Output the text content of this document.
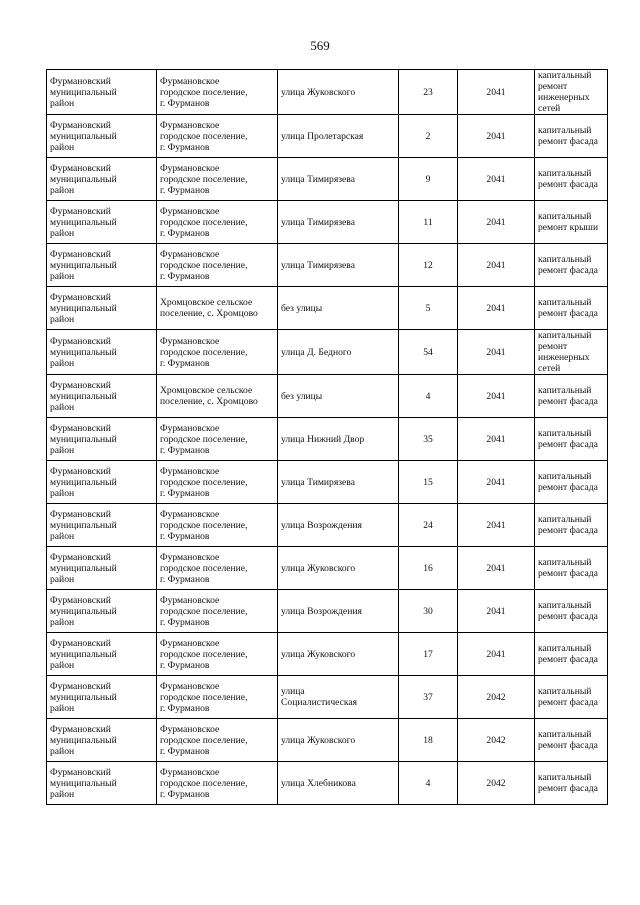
569
Фурмановский
муниципальный
район	Фурмановское
городское поселение,
г. Фурманов	улица Жуковского	23	2041	капитальный
ремонт
инженерных
сетей

Фурмановский
муниципальный
район	Фурмановское
городское поселение,
г. Фурманов	улица Пролетарская	2	2041	капитальный
ремонт фасада

Фурмановский
муниципальный
район	Фурмановское
городское поселение,
г. Фурманов	улица Тимирязева	9	2041	капитальный
ремонт фасада

Фурмановский
муниципальный
район	Фурмановское
городское поселение,
г. Фурманов	улица Тимирязева	11	2041	капитальный
ремонт крыши

Фурмановский
муниципальный
район	Фурмановское
городское поселение,
г. Фурманов	улица Тимирязева	12	2041	капитальный
ремонт фасада

Фурмановский
муниципальный
район	Хромцовское сельское
поселение, с. Хромцово	без улицы	5	2041	капитальный
ремонт фасада

Фурмановский
муниципальный
район	Фурмановское
городское поселение,
г. Фурманов	улица Д. Бедного	54	2041	капитальный
ремонт
инженерных
сетей

Фурмановский
муниципальный
район	Хромцовское сельское
поселение, с. Хромцово	без улицы	4	2041	капитальный
ремонт фасада

Фурмановский
муниципальный
район	Фурмановское
городское поселение,
г. Фурманов	улица Нижний Двор	35	2041	капитальный
ремонт фасада

Фурмановский
муниципальный
район	Фурмановское
городское поселение,
г. Фурманов	улица Тимирязева	15	2041	капитальный
ремонт фасада

Фурмановский
муниципальный
район	Фурмановское
городское поселение,
г. Фурманов	улица Возрождения	24	2041	капитальный
ремонт фасада

Фурмановский
муниципальный
район	Фурмановское
городское поселение,
г. Фурманов	улица Жуковского	16	2041	капитальный
ремонт фасада

Фурмановский
муниципальный
район	Фурмановское
городское поселение,
г. Фурманов	улица Возрождения	30	2041	капитальный
ремонт фасада

Фурмановский
муниципальный
район	Фурмановское
городское поселение,
г. Фурманов	улица Жуковского	17	2041	капитальный
ремонт фасада

Фурмановский
муниципальный
район	Фурмановское
городское поселение,
г. Фурманов	улица
Социалистическая	37	2042	капитальный
ремонт фасада

Фурмановский
муниципальный
район	Фурмановское
городское поселение,
г. Фурманов	улица Жуковского	18	2042	капитальный
ремонт фасада

Фурмановский
муниципальный
район	Фурмановское
городское поселение,
г. Фурманов	улица Хлебникова	4	2042	капитальный
ремонт фасада
